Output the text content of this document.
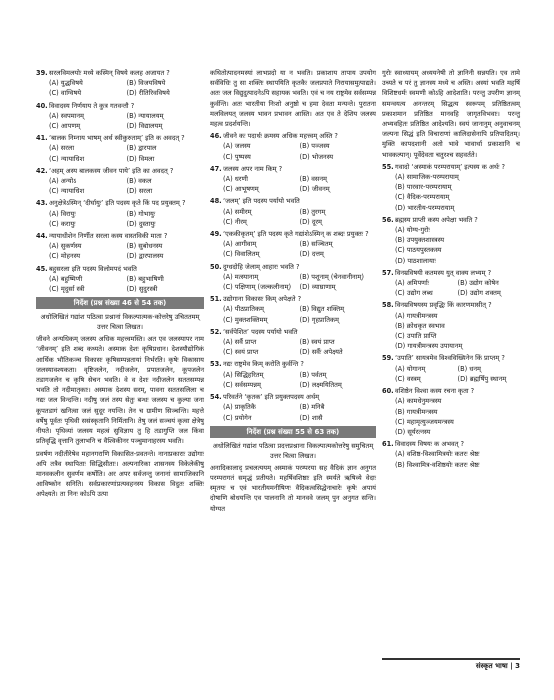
39. सरलविमलयोः मध्ये कस्मिन् विषये कलह अजायत ?
(A) युद्धविषये	(B) विजयविषये
(C) वाग्विषये	(D) रीतिरिवविषये
40. विवादस्य निर्णयाय ते कुत्र गतवन्तौ ?
(A) स्वपमानम्	(B) न्यायालयम्
(C) आपणम्	(D) विद्यालयम्
41. ‘बालक निम्नाय भाषम् अर्थ स्वीकुरुताम्’ इति क अवदत् ?
(A) सरला	(B) द्वारपाल
(C) न्यायाधिश	(D) विमला
42. ‘अहम् अस्य बालकस्य जीवन पाये’ इति का अवदत् ?
(A) अन्योऽ	(B) वकल
(C) न्यायाधिश	(D) सरला
43. अनुक्षेत्रेऽस्मिन् ‘दीर्घायुः’ इति पदस्य कृते किं पद प्रयुक्तम् ?
(A) विरायुः	(B) गोभायुः
(C) करायुः	(D) दुस्तायुः
44. न्यायाधीशेन निर्णीत सरला कस्य वास्तविकी माता ?
(A) सुकर्णस्य	(B) सुबोधनस्य
(C) मोहनस्य	(D) द्वारपालस्य
45. बहुसरला इति पदस्य विलोमपदं भवति
(A) बहुष्मिणी	(B) बहुभाषिणी
(C) मृदुर्सा स्त्री	(D) सुदुरस्त्री
निर्देश (प्रश्न संख्या 46 से 54 तक)
अधोलिखितं गद्यांश पठित्वा प्रश्नानां विकल्पात्मक-कोत्तरेषु उचिततमम् उत्तर चित्वा लिखत।
जीवने अन्यधिकम् जलस्य अधिक महत्त्वमस्ति। अत एव जलस्यापर नाम ‘जीवनम्’ इति शब्द कथ्यते। अस्माक देशः कृषिप्रधान। देशस्यौद्योगिकं आर्थिक भौतिकञ्च विकासः कृषिसम्पन्नतायां निर्भरति। कृषेः विकासाय जलस्यावश्यकता। वृष्टिजलेन, नदीजलेन, प्रपातजलेन, कूपजलेन तडागजलेन च कृषि सेचन भवति। वे व देशः नदीजलेन सततसम्पन्न भवति तो नदीमातृकाः। अस्माक देशस्य सरम्, पावना सततसलिला च नद्यः जल विन्दन्ति। नदीषु जलं तस्य सेतुः बन्धः जलस्य च कुल्या जना कूपतडागं खनित्वा जलं सुदूर नयन्ति। तेन च ग्रामीण सिञ्चन्ति। महत्ते वर्षेषु पूर्वतः पृथिवी ससंस्कृतानि निर्मितानि। तेषु जलं सञ्चयं कृत्वा क्षेत्रेषु नीयते। पृथिव्यां जलस्य महत्वं सुविज्ञाय तु हि तडागुप्ति जल किंवा प्रतिवृद्धि वृत्तानि तुलाभनि च वैश्विकीनर पञ्चुमानाहरस्य भवति।
प्रवर्षण नदीतीरेषेव महानगराणि विकासित-प्रवतन्ते। नानाप्रकाराः उद्योगाः अपि तत्रैव स्थापिताः सिद्धिसीताः। अल्पनारिका शासनस्य विकेलेकीषु मानवकलीन सुवर्णम कर्षोति। अर अपर सर्वजन्तु जनानां सामाजिकानि आविष्कोन सनिति। सर्वप्रकारणांप्रत्यवहनस्य विकास विदुतः शक्तिः अपेक्ष्यते। ता निनः कोऽपि उत्पा
कथितोत्पादनमस्यां लाभप्रदो या न भवति। प्रकाशाय तापाय उपयोग सर्वविधिः तु सा शक्तिः स्थापयिति कृतकैः जलप्रपाते निरायासमुत्पाद्यते। अतः जल विद्युदुत्पादनेऽपि सहायक भवति। एवं च नय राष्ट्रमेव सर्वसम्पन्न कुर्वन्ति। अतः भारतीया निःशो अनुष्ठो च हमा देवता मन्यन्ते। पुरातना मलविलयत् जलस्य भावन प्रभावन आस्ति। अत एव ते देशिय जलस्य महत्व प्रदर्शयन्ति।
46. जीवने कः पदार्थः क्रमस्य अधिक महत्त्वम् अस्ति ?
(A) जलस्य	(B) पञ्जस्य
(C) पुष्पस्य	(D) भोजनस्य
47. जलस्य अपर नाम किम् ?
(A) धरणी	(B) वसनम्
(C) आभूषणम्	(D) जीवनम्
48. ‘जलम्’ इति पदस्य पर्यायो भवति
(A) समीरम्	(B) तुरगम्
(C) नीरम्	(D) दूरम्
49. ‘एककीकृतम्’ इति पदस्य कृते गद्यांशेऽस्मिन् क शब्दः प्रयुक्तः ?
(A) आगीवाम्	(B) सञ्चितम्
(C) विवालितम्	(D) दत्तम्
50. दुग्धदोहि जेलाम् आहारः भवति ?
(A) मत्स्यानाम्	(B) पशूनाम् (चेनवानीनाम्)
(C) पक्षिणाम् (जल्कलीनाम्)	(D) व्याघ्राणाम्
51. उद्योगाना विकासः किम् अपेक्षते ?
(A) पीठप्रातिकम्	(B) विद्युत शक्तिम्
(C) मुक्तशक्तिमम्	(D) गृहप्रातिकम्
52. ‘सर्वपेशित’ पदस्य पर्यायो भवति
(A) सर्वै प्राप्त	(B) स्वयं प्राप्त
(C) स्वयं प्राप्त	(D) सर्वैः अपेक्ष्यते
53. नद्यः राष्ट्रमेव किम् करोति कुर्वन्ति ?
(A) सिद्धिहरितम्	(B) पर्वतम्
(C) सर्वसम्पन्नम्	(D) लक्ष्मयितितम्
54. परिवर्तने ‘कृतक’ इति प्रयुक्तपदस्य अर्थम्
(A) प्राकृतिकै	(B) मनिबै
(C) प्रयोगेन	(D) शासै
निर्देश (प्रश्न संख्या 55 से 63 तक)
अधोलिखितं गद्यांश पठित्वा प्रदत्तप्रश्नाना विकल्पात्मकोत्तरेषु समुचितम् उत्तर चित्वा लिखत।
अनादिकालाद् प्रचलत्ययम् अस्माकं परम्परया सह वैदिकं ज्ञान अनुगत परम्परागतं समृद्धं प्रतीयते। महर्षिवशिष्ठाः इति स्मर्यते ऋषिव्ये वेदाः स्मृतयः च एवं भारतीयमनीषिणः वैदिकत्वसिद्धेनाचारेः कृषेः अपायं दोषाणि बोधयन्ति एव पालनानि तो मानववे जलम् पुन अनुगत सन्ति। योग्यत
गुरोः स्वाध्यायम् अध्ययनेषी तो ज्ञानिनी सन्नयति। एव तामे उच्यते च परं तु ज्ञानस्य मध्ये च अस्ति। अस्यां भवति महर्षि विशिष्टधर्मः स्वमणी कोऽहि आदेशाति। परन्तु उपरीण ज्ञानम् समन्वयत्य अनन्तरम् सिद्धत्य स्वरूपम् प्रतिष्ठितत्वम् प्रकाशमान प्रतिष्ठित मानवहि जागृतविभवाः। परन्तु अभ्यवहितः प्रतिष्ठित आदेश्यति। स्वयं जानानुम् अनुवाचनम् जल्पना सिद्धं इति विचाराणां कालिदासेनापि प्रतिपादितम्। मुक्ति कापदशानी अतो भावे भावार्था प्रकाशानि च भावकल्पान्। पूर्वेदेवता चतुरश्च सहवर्तते।
55. गवादो ‘अस्माकं परम्परायाम्’ इत्यस्य क अर्थः ?
(A) सामाजिक-परम्परायाम्
(B) पारवार-परम्परायाम्
(C) वैदिक-परम्परायाम्
(D) भारतीय-परम्परायाम्
56. ब्रह्मस्य प्राप्ती कस्य अपेक्षा भवति ?
(A) योग्य-गुरोः
(B) उपयुक्तशास्त्रस्य
(C) पाठयपुस्तकस्य
(D) पाठशालायाः
57. विनम्रविषयी कतमस्य युत् वाक्य लभ्यम् ?
(A) अमिपर्णाः	(B) उद्योग कोषेन
(C) उद्योग लब्ध	(D) उद्योग शक्तम्
58. विनम्रविषयस्य प्रवृद्धिः किं कारणमासीत् ?
(A) गायत्रीमन्त्रस्य
(B) क्रोधकृत स्वभाव
(C) उपाति प्राप्ति
(D) गायत्रीमन्त्रस्य उपायानम्
59. ‘उपाति’ सायत्रमेव विश्वविख्यिनेन किं प्राप्तम् ?
(A) योगानम्	(B) धनम्
(C) वस्त्रम्	(D) ब्रह्मर्षिपु स्थानम्
60. वशिष्ठेन विश्वा कस्य रचना कृता ?
(A) कामधेनुमन्त्रस्य
(B) गायत्रीमन्त्रस्य
(C) महामृत्युञ्जयमन्त्रस्य
(D) सूर्यरत्नस्य
61. विवादस्य विषयः क अभवत् ?
(A) वशिष्ठ-विश्वामित्रयोः कतरः श्रेष्ठः
(B) विश्वामित्र-वशिष्ठयोः कतरः श्रेष्ठः
संस्कृत भाषा | 3
